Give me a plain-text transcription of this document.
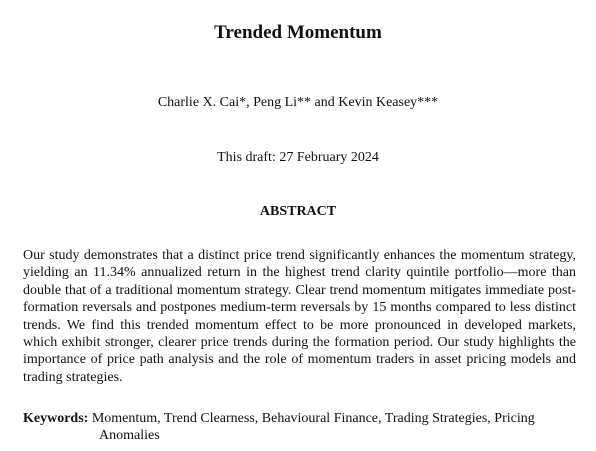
Trended Momentum

Charlie X. Cai*, Peng Li** and Kevin Keasey***

This draft: 27 February 2024

ABSTRACT

Our study demonstrates that a distinct price trend significantly enhances the momentum strategy, yielding an 11.34% annualized return in the highest trend clarity quintile portfolio—more than double that of a traditional momentum strategy. Clear trend momentum mitigates immediate post-formation reversals and postpones medium-term reversals by 15 months compared to less distinct trends. We find this trended momentum effect to be more pronounced in developed markets, which exhibit stronger, clearer price trends during the formation period. Our study highlights the importance of price path analysis and the role of momentum traders in asset pricing models and trading strategies.

Keywords: Momentum, Trend Clearness, Behavioural Finance, Trading Strategies, Pricing Anomalies
